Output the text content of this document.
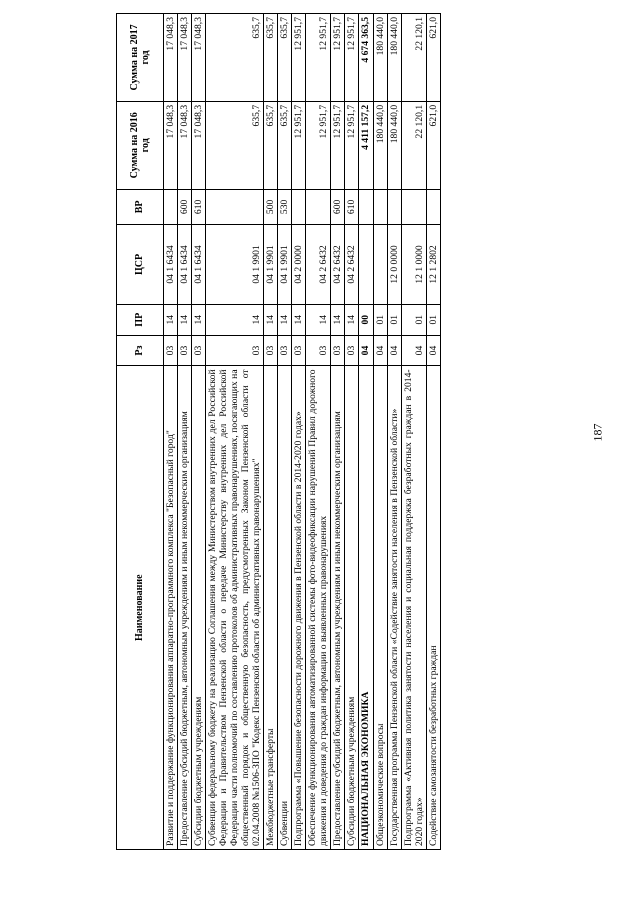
187
Наименование	Рз	ПР	ЦСР	ВР	Сумма на 2016 год	Сумма на 2017 год
Развитие и поддержание функционирования аппаратно-программного комплекса "Безопасный город"	03	14	04 1 6434		17 048,3	17 048,3
Предоставление субсидий бюджетным, автономным учреждениям и иным некоммерческим организациям	03	14	04 1 6434	600	17 048,3	17 048,3
Субсидии бюджетным учреждениям	03	14	04 1 6434	610	17 048,3	17 048,3
Субвенции федеральному бюджету на реализацию Соглашения между Министерством внутренних дел Российской Федерации и Правительством Пензенской области о передаче Министерству внутренних дел Российской Федерации части полномочий по составлению протоколов об административных правонарушениях, посягающих на общественный порядок и общественную безопасность, предусмотренных Законом Пензенской области от 02.04.2008 №1506-ЗПО "Кодекс Пензенской области об административных правонарушениях"	03	14	04 1 9901		635,7	635,7
Межбюджетные трансферты	03	14	04 1 9901	500	635,7	635,7
Субвенции	03	14	04 1 9901	530	635,7	635,7
Подпрограмма «Повышение безопасности дорожного движения в Пензенской области в 2014-2020 годах»	03	14	04 2 0000		12 951,7	12 951,7
Обеспечение функционирования автоматизированной системы фото-видеофиксации нарушений Правил дорожного движения и доведения до граждан информации о выявленных правонарушениях	03	14	04 2 6432		12 951,7	12 951,7
Предоставление субсидий бюджетным, автономным учреждениям и иным некоммерческим организациям	03	14	04 2 6432	600	12 951,7	12 951,7
Субсидии бюджетным учреждениям	03	14	04 2 6432	610	12 951,7	12 951,7
НАЦИОНАЛЬНАЯ ЭКОНОМИКА	04	00			4 411 157,2	4 674 363,5
Общеэкономические вопросы	04	01			180 440,0	180 440,0
Государственная программа Пензенской области «Содействие занятости населения в Пензенской области»	04	01	12 0 0000		180 440,0	180 440,0
Подпрограмма «Активная политика занятости населения и социальная поддержка безработных граждан в 2014-2020 годах»	04	01	12 1 0000		22 120,1	22 120,1
Содействие самозанятости безработных граждан	04	01	12 1 2802		621,0	621,0
